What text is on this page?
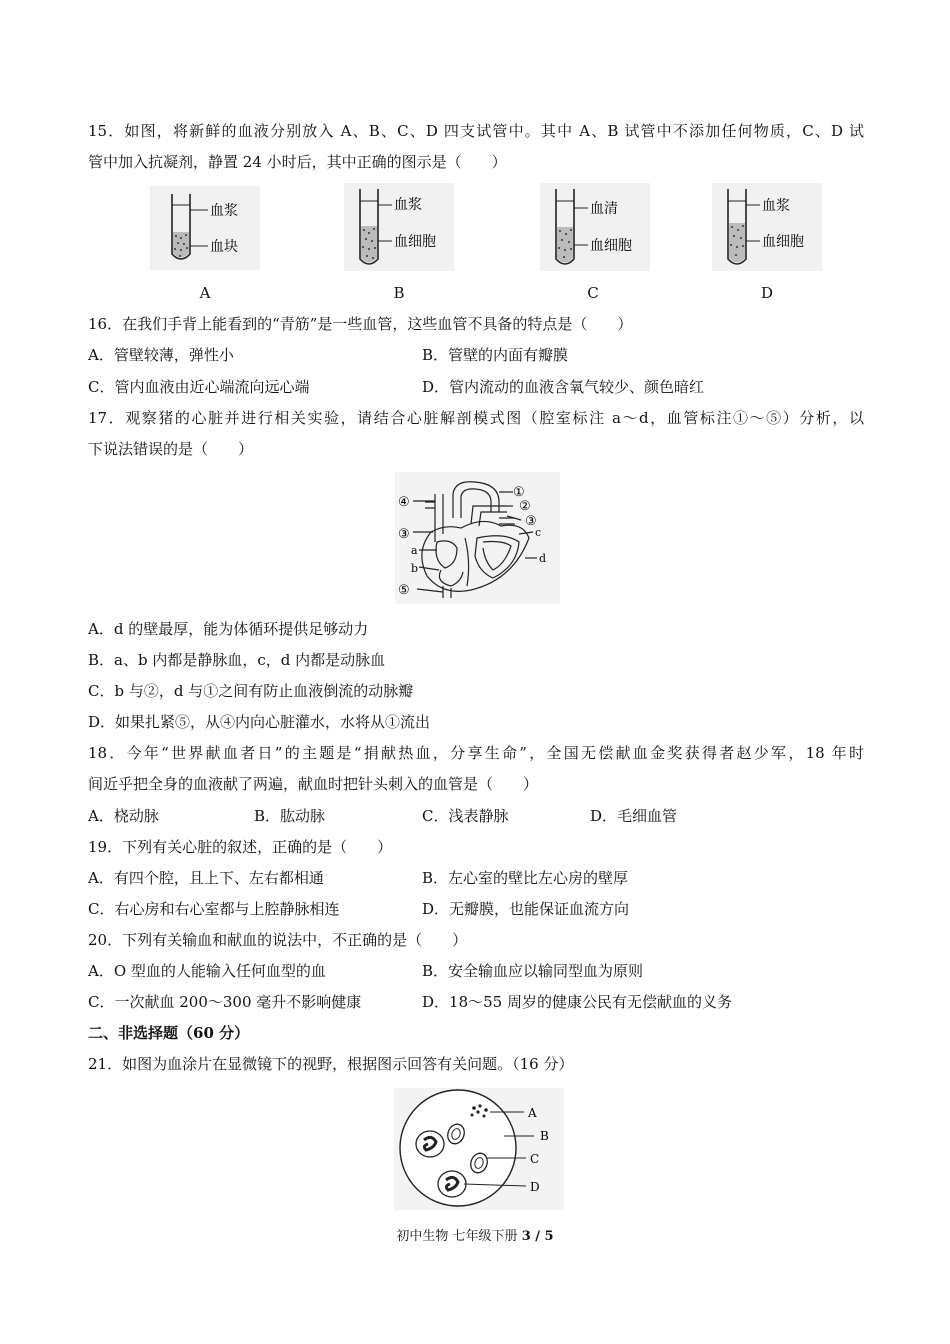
15．如图，将新鲜的血液分别放入 A、B、C、D 四支试管中。其中 A、B 试管中不添加任何物质，C、D 试
管中加入抗凝剂，静置 24 小时后，其中正确的图示是（　　）
血浆
血块
A
血浆
血细胞
B
血清
血细胞
C
血浆
血细胞
D
16．在我们手背上能看到的“青筋”是一些血管，这些血管不具备的特点是（　　）
A．管壁较薄，弹性小	B．管壁的内面有瓣膜
C．管内血液由近心端流向远心端	D．管内流动的血液含氧气较少、颜色暗红
17．观察猪的心脏并进行相关实验，请结合心脏解剖模式图（腔室标注 a～d，血管标注①～⑤）分析，以
下说法错误的是（　　）
④
③
a
b
⑤
①
②
③
c
d
A．d 的壁最厚，能为体循环提供足够动力
B．a、b 内都是静脉血，c，d 内都是动脉血
C．b 与②，d 与①之间有防止血液倒流的动脉瓣
D．如果扎紧⑤，从④内向心脏灌水，水将从①流出
18．今年“世界献血者日”的主题是“捐献热血，分享生命”，全国无偿献血金奖获得者赵少军，18 年时
间近乎把全身的血液献了两遍，献血时把针头刺入的血管是（　　）
A．桡动脉	B．肱动脉	C．浅表静脉	D．毛细血管
19．下列有关心脏的叙述，正确的是（　　）
A．有四个腔，且上下、左右都相通	B．左心室的壁比左心房的壁厚
C．右心房和右心室都与上腔静脉相连	D．无瓣膜，也能保证血流方向
20．下列有关输血和献血的说法中，不正确的是（　　）
A．O 型血的人能输入任何血型的血	B．安全输血应以输同型血为原则
C．一次献血 200～300 毫升不影响健康	D．18～55 周岁的健康公民有无偿献血的义务
二、非选择题（60 分）
21．如图为血涂片在显微镜下的视野，根据图示回答有关问题。（16 分）
A
B
C
D
初中生物 七年级下册 3 / 5
